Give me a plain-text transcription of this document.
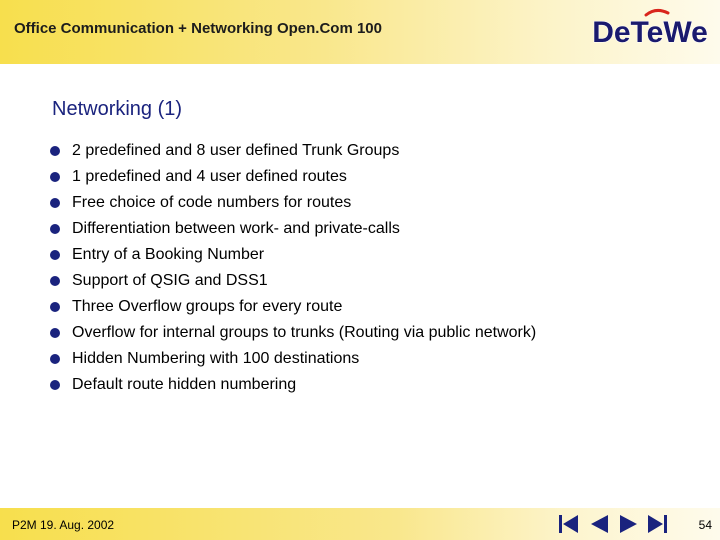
Office Communication + Networking Open.Com 100	DeTeWe
Networking (1)
2 predefined and 8 user defined Trunk Groups
1 predefined and 4 user defined routes
Free choice of code numbers for routes
Differentiation between work- and private-calls
Entry of a Booking Number
Support of QSIG and DSS1
Three Overflow groups for every route
Overflow for internal groups to trunks (Routing via public network)
Hidden Numbering with 100 destinations
Default route hidden numbering
P2M 19. Aug. 2002	54
